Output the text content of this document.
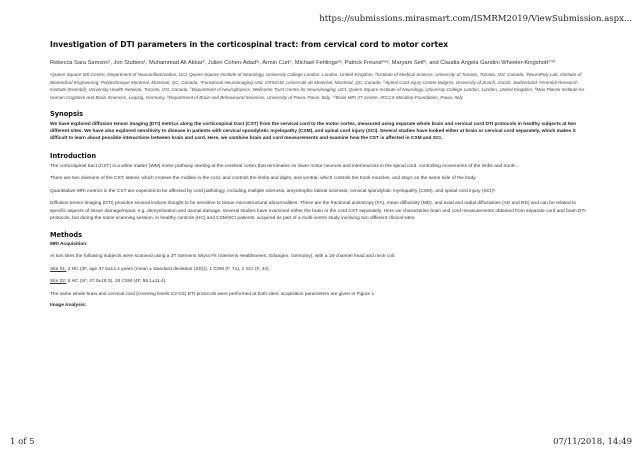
https://submissions.mirasmart.com/ISMRM2019/ViewSubmission.aspx...
Investigation of DTI parameters in the corticospinal tract: from cervical cord to motor cortex
Rebecca Sara Samson¹, Jon Stutters¹, Muhammad Ali Akbar², Julien Cohen-Adad³ʴ, Armin Curt⁵, Michael Fehlings²ʶ, Patrick Freund⁵ʷʸ, Maryam Seif⁵, and Claudia Angela Gandini Wheeler-Kingshott¹ʹ¹⁰
¹Queen Square MS Centre, Department of Neuroinflammation, UCL Queen Square Institute of Neurology, University College London, London, United Kingdom, ²Institute of Medical Science, University of Toronto, Toronto, ON, Canada, ³NeuroPoly Lab, Institute of Biomedical Engineering, Polytechnique Montreal, Montreal, QC, Canada, ⁴Functional Neuroimaging Unit, CRIUGM, Université de Montréal, Montreal, QC, Canada, ⁵Spinal Cord Injury Center Balgrist, University of Zurich, Zurich, Switzerland, ⁶Krembil Research Institute (Krembil), University Health Network, Toronto, ON, Canada, ⁷Department of Neurophysics, Wellcome Trust Centre for Neuroimaging, UCL Queen Square Institute of Neurology, University College London, London, United Kingdom, ⁸Max Planck Institute for Human Cognitive and Brain Sciences, Leipzig, Germany, ⁹Department of Brain and Behavioural Sciences, University of Pavia, Pavia, Italy, ¹⁰Brain MRI 3T Centre, IRCCS Mondino Foundation, Pavia, Italy
Synopsis
We have explored diffusion tensor imaging (DTI) metrics along the corticospinal tract (CST) from the cervical cord to the motor cortex, measured using separate whole brain and cervical cord DTI protocols in healthy subjects at two different sites. We have also explored sensitivity to disease in patients with cervical spondylotic myelopathy (CSM), and spinal cord injury (SCI). Several studies have looked either at brain or cervical cord separately, which makes it difficult to learn about possible interactions between brain and cord. Here, we combine brain and cord measurements and examine how the CST is affected in CSM and SCI.
Introduction
The corticospinal tract (CST) is a white matter (WM) motor pathway starting at the cerebral cortex that terminates on lower motor neurons and interneurons in the spinal cord, controlling movements of the limbs and trunk¹.
There are two divisions of the CST; lateral, which crosses the midline in the cord, and controls the limbs and digits, and ventral, which controls the trunk muscles, and stays on the same side of the body.
Quantitative MRI metrics in the CST are expected to be affected by cord pathology, including multiple sclerosis, amyotrophic lateral sclerosis, cervical spondylotic myelopathy (CSM), and spinal cord injury (SCI)².
Diffusion tensor imaging (DTI) provides several indices thought to be sensitive to tissue microstructural abnormalities. These are the fractional anisotropy (FA), mean diffusivity (MD), and axial and radial diffusivities (AD and RD) and can be related to specific aspects of tissue damage/repair, e.g. demyelination and axonal damage. Several studies have examined either the brain or the cord CST separately. Here we characterise brain and cord measurements obtained from separate cord and brain DTI protocols, but during the same scanning session, in healthy controls (HC) and CSM/SCI patients, acquired as part of a multi-centre study involving two different clinical sites.
Methods
MRI Acquisition:
At two sites the following subjects were scanned using a 3T Siemens Skyra Fit (Siemens Healthineers, Erlangen, Germany), with a 16-channel head and neck coil:
Site 01: 4 HC (2F, age 37.5±14.4 years (mean ± standard deviation (SD))), 1 CSM (F, 71), 1 SCI (F, 44).
Site 02: 5 HC (1F, 47.0±18.3), 18 CSM (4F, 55.1±11.4).
The same whole brain and cervical cord (covering levels C2-C5) DTI protocols were performed at both sites; acquisition parameters are given in Figure 1.
Image Analysis:
1 of 5	07/11/2018, 14:49
